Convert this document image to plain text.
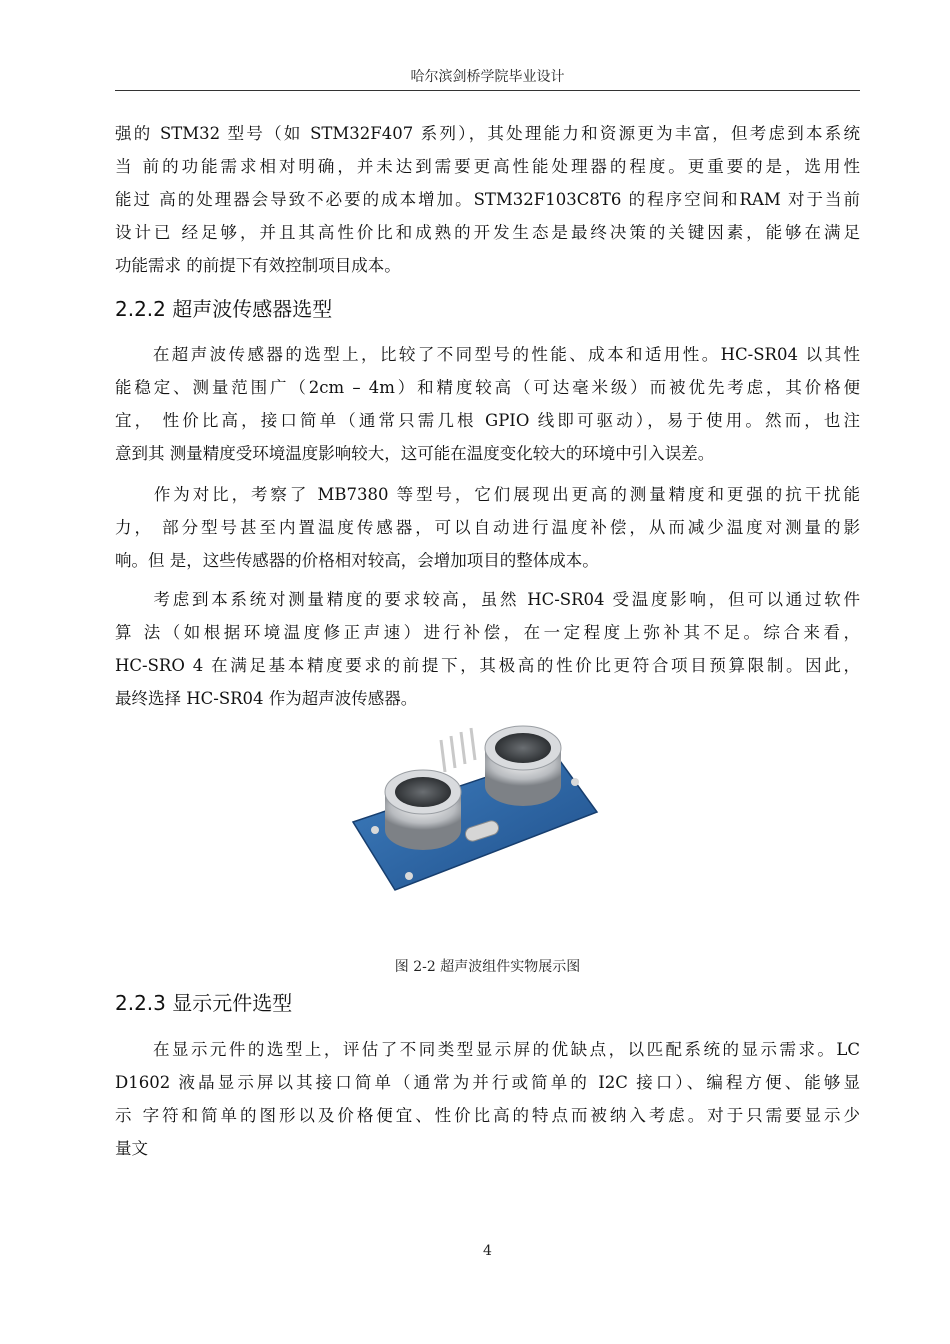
哈尔滨剑桥学院毕业设计
强的 STM32 型号（如 STM32F407 系列），其处理能力和资源更为丰富，但考虑到本系统
当 前的功能需求相对明确，并未达到需要更高性能处理器的程度。更重要的是，选用性
能过 高的处理器会导致不必要的成本增加。STM32F103C8T6 的程序空间和RAM 对于当前
设计已 经足够，并且其高性价比和成熟的开发生态是最终决策的关键因素，能够在满足
功能需求 的前提下有效控制项目成本。
2.2.2 超声波传感器选型
　　在超声波传感器的选型上，比较了不同型号的性能、成本和适用性。HC-SR04 以其性
能稳定、测量范围广（2cm – 4m）和精度较高（可达毫米级）而被优先考虑，其价格便
宜， 性价比高，接口简单（通常只需几根 GPIO 线即可驱动），易于使用。然而，也注
意到其 测量精度受环境温度影响较大，这可能在温度变化较大的环境中引入误差。
　　作为对比，考察了 MB7380 等型号，它们展现出更高的测量精度和更强的抗干扰能
力， 部分型号甚至内置温度传感器，可以自动进行温度补偿，从而减少温度对测量的影
响。但 是，这些传感器的价格相对较高，会增加项目的整体成本。
　　考虑到本系统对测量精度的要求较高，虽然 HC-SR04 受温度影响，但可以通过软件
算 法（如根据环境温度修正声速）进行补偿，在一定程度上弥补其不足。综合来看，
HC-SRO 4 在满足基本精度要求的前提下，其极高的性价比更符合项目预算限制。因此，
最终选择 HC-SR04 作为超声波传感器。
图 2-2 超声波组件实物展示图
2.2.3 显示元件选型
　　在显示元件的选型上，评估了不同类型显示屏的优缺点，以匹配系统的显示需求。LC
D1602 液晶显示屏以其接口简单（通常为并行或简单的 I2C 接口）、编程方便、能够显
示 字符和简单的图形以及价格便宜、性价比高的特点而被纳入考虑。对于只需要显示少
量文
4
